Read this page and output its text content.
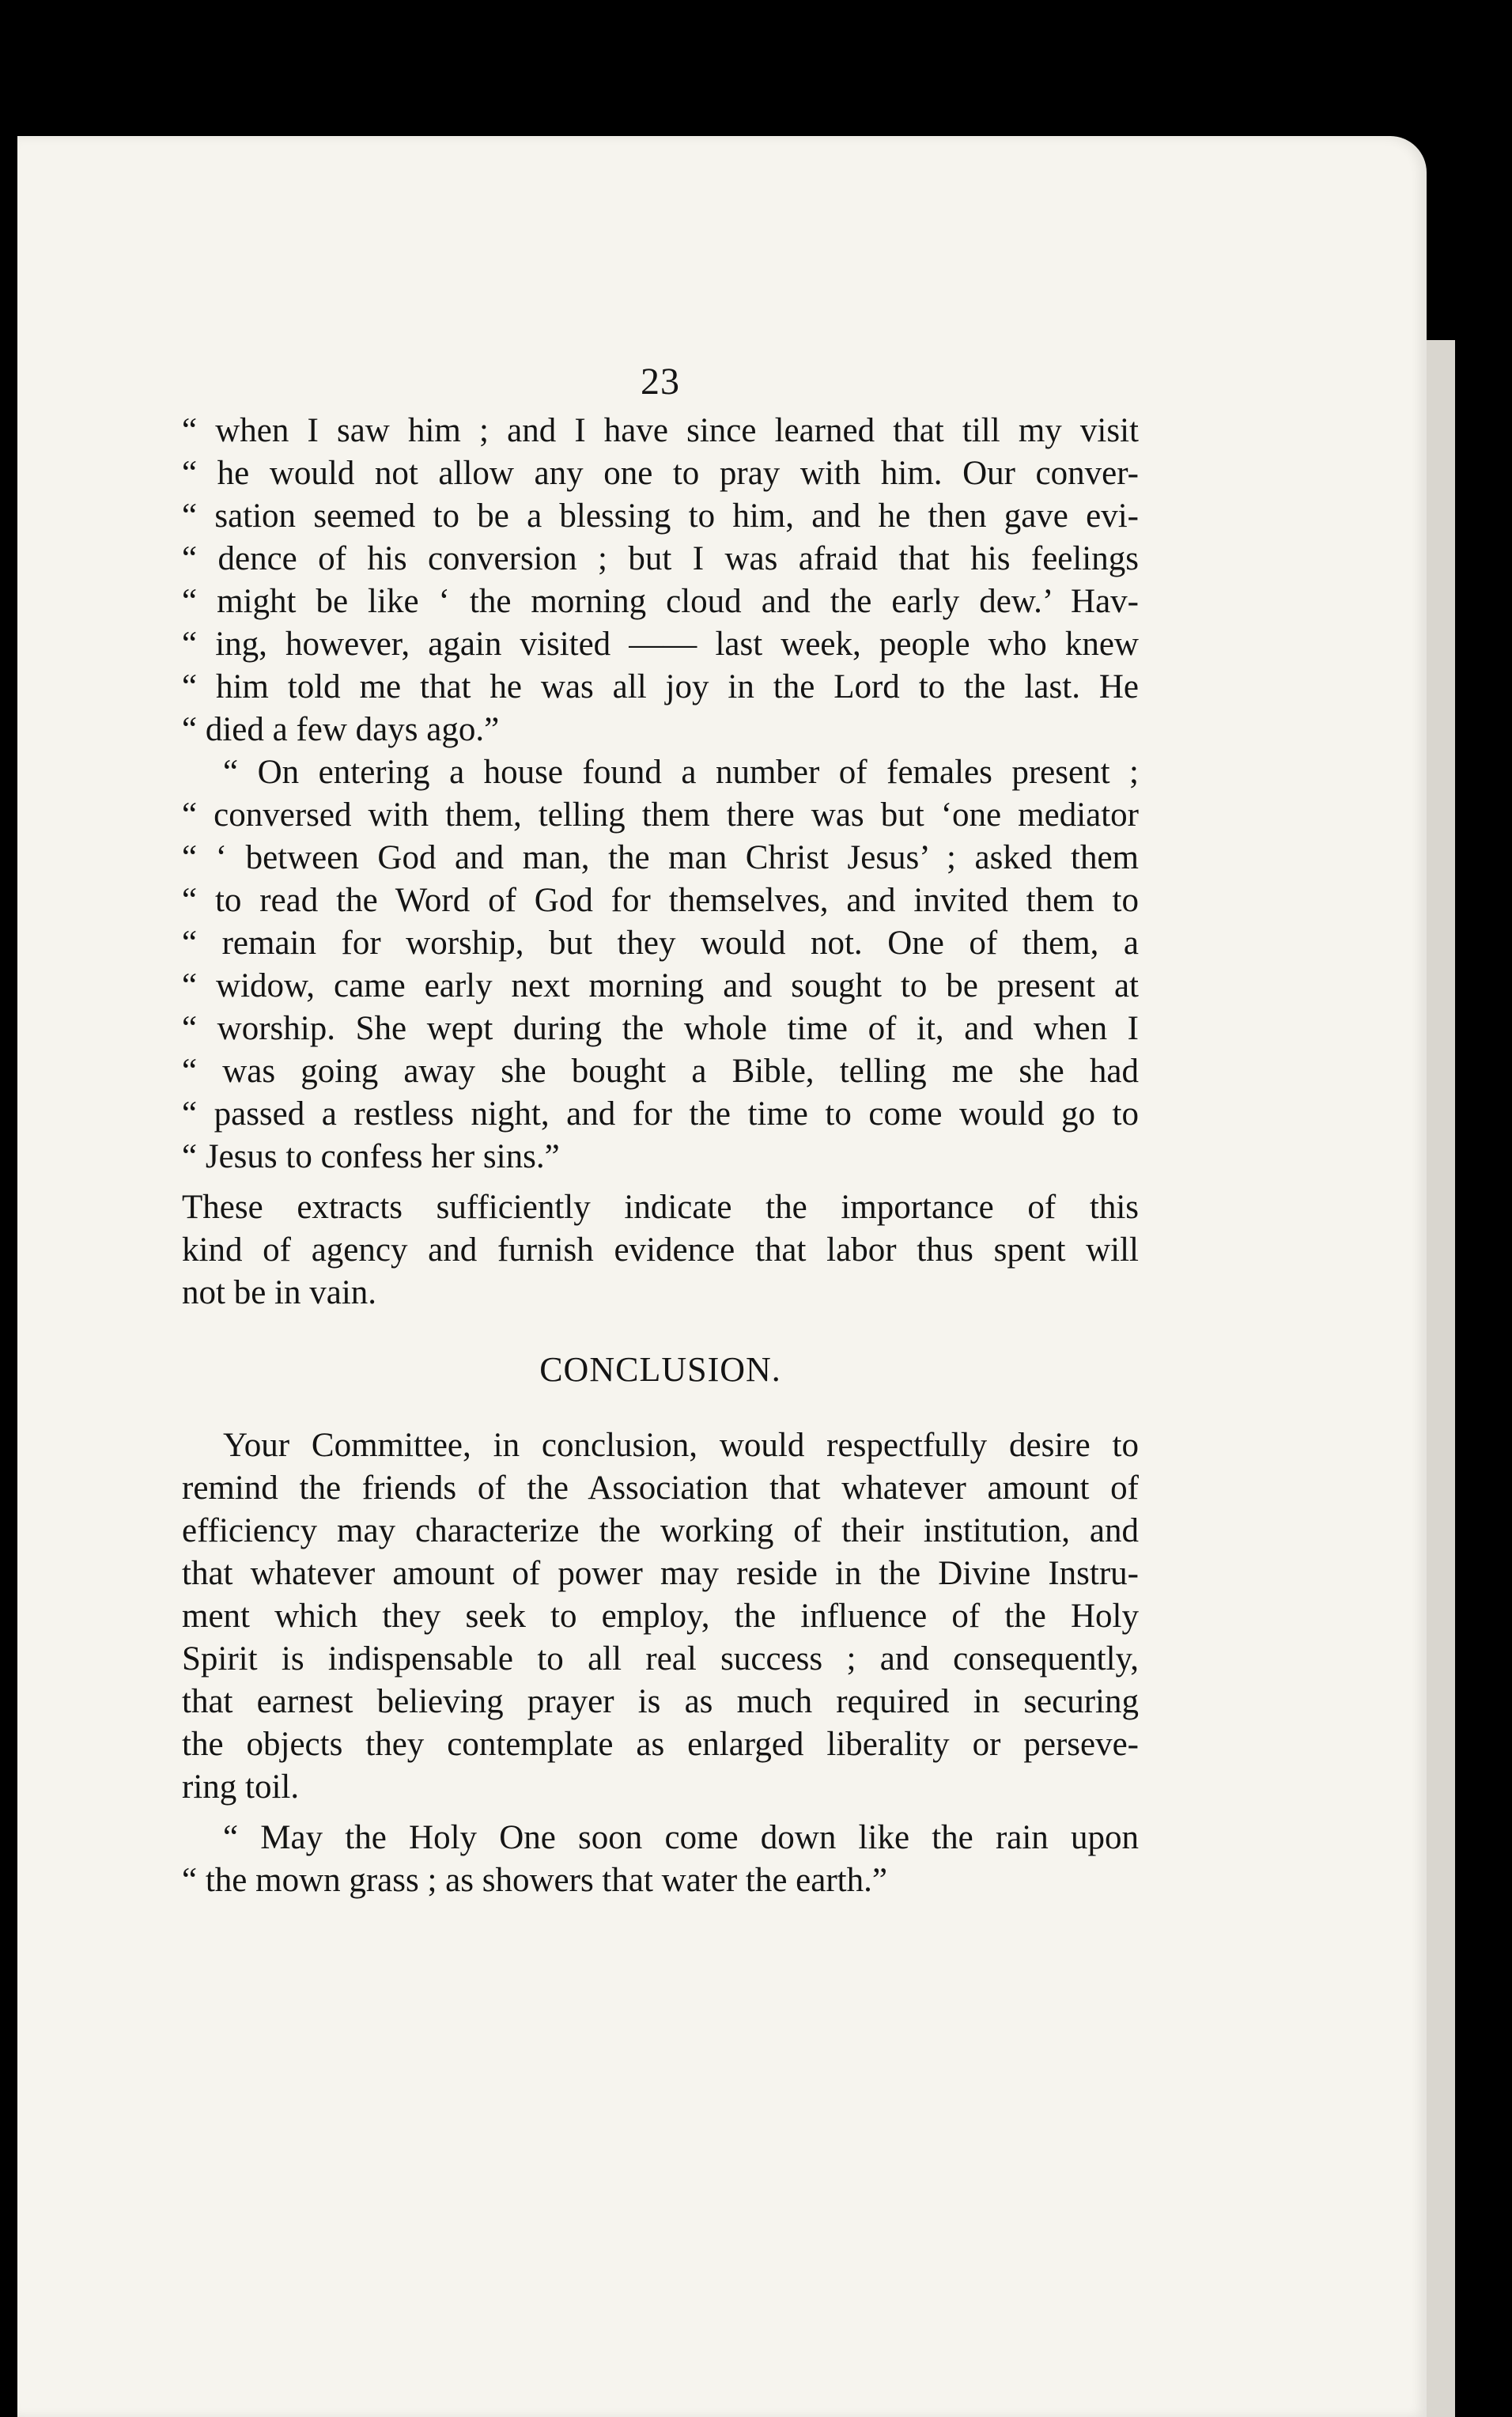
23

“ when I saw him ; and I have since learned that till my visit

“ he would not allow any one to pray with him. Our conver-

“ sation seemed to be a blessing to him, and he then gave evi-

“ dence of his conversion ; but I was afraid that his feelings

“ might be like ‘ the morning cloud and the early dew.’ Hav-

“ ing, however, again visited —— last week, people who knew

“ him told me that he was all joy in the Lord to the last. He

“ died a few days ago.”

“ On entering a house found a number of females present ;

“ conversed with them, telling them there was but ‘one mediator

“ ‘ between God and man, the man Christ Jesus’ ; asked them

“ to read the Word of God for themselves, and invited them to

“ remain for worship, but they would not. One of them, a

“ widow, came early next morning and sought to be present at

“ worship. She wept during the whole time of it, and when I

“ was going away she bought a Bible, telling me she had

“ passed a restless night, and for the time to come would go to

“ Jesus to confess her sins.”

These extracts sufficiently indicate the importance of this

kind of agency and furnish evidence that labor thus spent will

not be in vain.

CONCLUSION.

Your Committee, in conclusion, would respectfully desire to

remind the friends of the Association that whatever amount of

efficiency may characterize the working of their institution, and

that whatever amount of power may reside in the Divine Instru-

ment which they seek to employ, the influence of the Holy

Spirit is indispensable to all real success ; and consequently,

that earnest believing prayer is as much required in securing

the objects they contemplate as enlarged liberality or perseve-

ring toil.

“ May the Holy One soon come down like the rain upon

“ the mown grass ; as showers that water the earth.”
